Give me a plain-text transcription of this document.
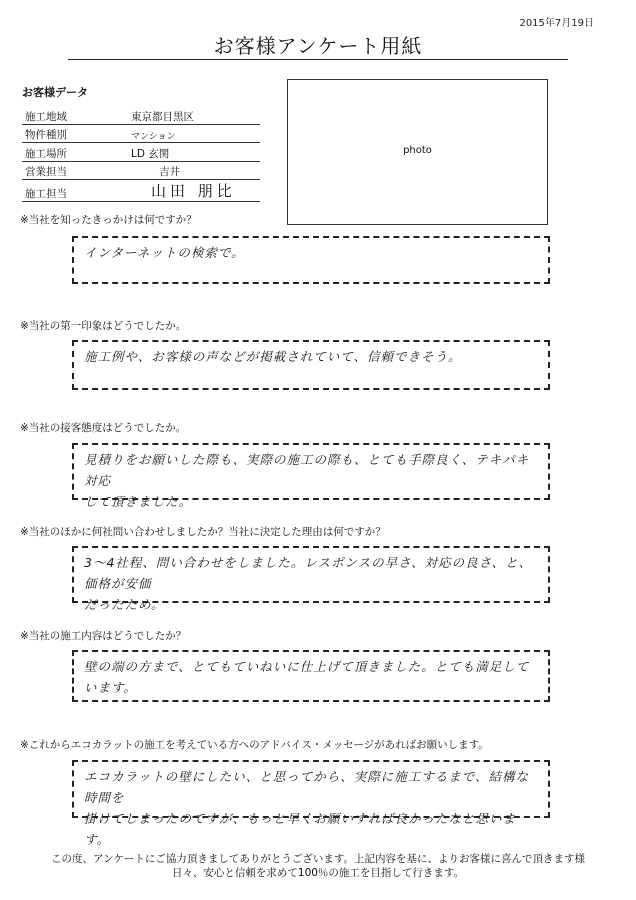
2015年7月19日
お客様アンケート用紙
お客様データ
施工地域	東京都目黒区
物件種別	マンション
施工場所	LD 玄関
営業担当	吉井
施工担当	山田 朋比
photo
※当社を知ったきっかけは何ですか？
インターネットの検索で。
※当社の第一印象はどうでしたか。
施工例や、お客様の声などが掲載されていて、信頼できそう。
※当社の接客態度はどうでしたか。
見積りをお願いした際も、実際の施工の際も、とても手際良く、テキパキ対応
して頂きました。
※当社のほかに何社問い合わせしましたか？当社に決定した理由は何ですか？
3〜4社程、問い合わせをしました。レスポンスの早さ、対応の良さ、と、価格が安価
だったため。
※当社の施工内容はどうでしたか？
壁の端の方まで、とてもていねいに仕上げて頂きました。とても満足しています。
※これからエコカラットの施工を考えている方へのアドバイス・メッセージがあればお願いします。
エコカラットの壁にしたい、と思ってから、実際に施工するまで、結構な時間を
掛けてしまったのですが、もっと早くお願いすれば良かったなと思います。
この度、アンケートにご協力頂きましてありがとうございます。上記内容を基に、よりお客様に喜んで頂きます様
日々、安心と信頼を求めて100％の施工を目指して行きます。
